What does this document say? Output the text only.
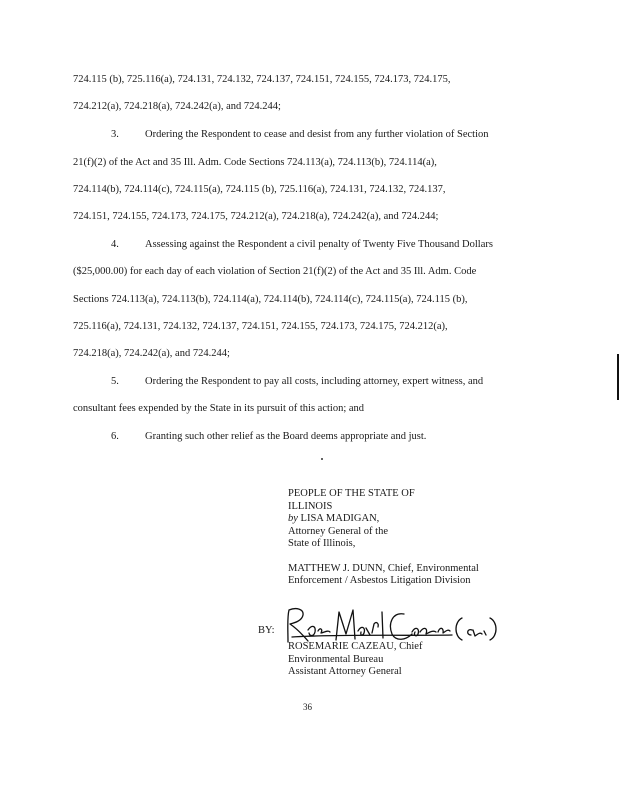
724.115 (b), 725.116(a), 724.131, 724.132, 724.137, 724.151, 724.155, 724.173, 724.175,
724.212(a), 724.218(a), 724.242(a), and 724.244;
3. Ordering the Respondent to cease and desist from any further violation of Section
21(f)(2) of the Act and 35 Ill. Adm. Code Sections 724.113(a), 724.113(b), 724.114(a),
724.114(b), 724.114(c), 724.115(a), 724.115 (b), 725.116(a), 724.131, 724.132, 724.137,
724.151, 724.155, 724.173, 724.175, 724.212(a), 724.218(a), 724.242(a), and 724.244;
4. Assessing against the Respondent a civil penalty of Twenty Five Thousand Dollars
($25,000.00) for each day of each violation of Section 21(f)(2) of the Act and 35 Ill. Adm. Code
Sections 724.113(a), 724.113(b), 724.114(a), 724.114(b), 724.114(c), 724.115(a), 724.115 (b),
725.116(a), 724.131, 724.132, 724.137, 724.151, 724.155, 724.173, 724.175, 724.212(a),
724.218(a), 724.242(a), and 724.244;
5. Ordering the Respondent to pay all costs, including attorney, expert witness, and
consultant fees expended by the State in its pursuit of this action; and
6. Granting such other relief as the Board deems appropriate and just.
PEOPLE OF THE STATE OF
ILLINOIS
by LISA MADIGAN,
Attorney General of the
State of Illinois,
MATTHEW J. DUNN, Chief, Environmental
Enforcement / Asbestos Litigation Division
BY:
ROSEMARIE CAZEAU, Chief
Environmental Bureau
Assistant Attorney General
36
